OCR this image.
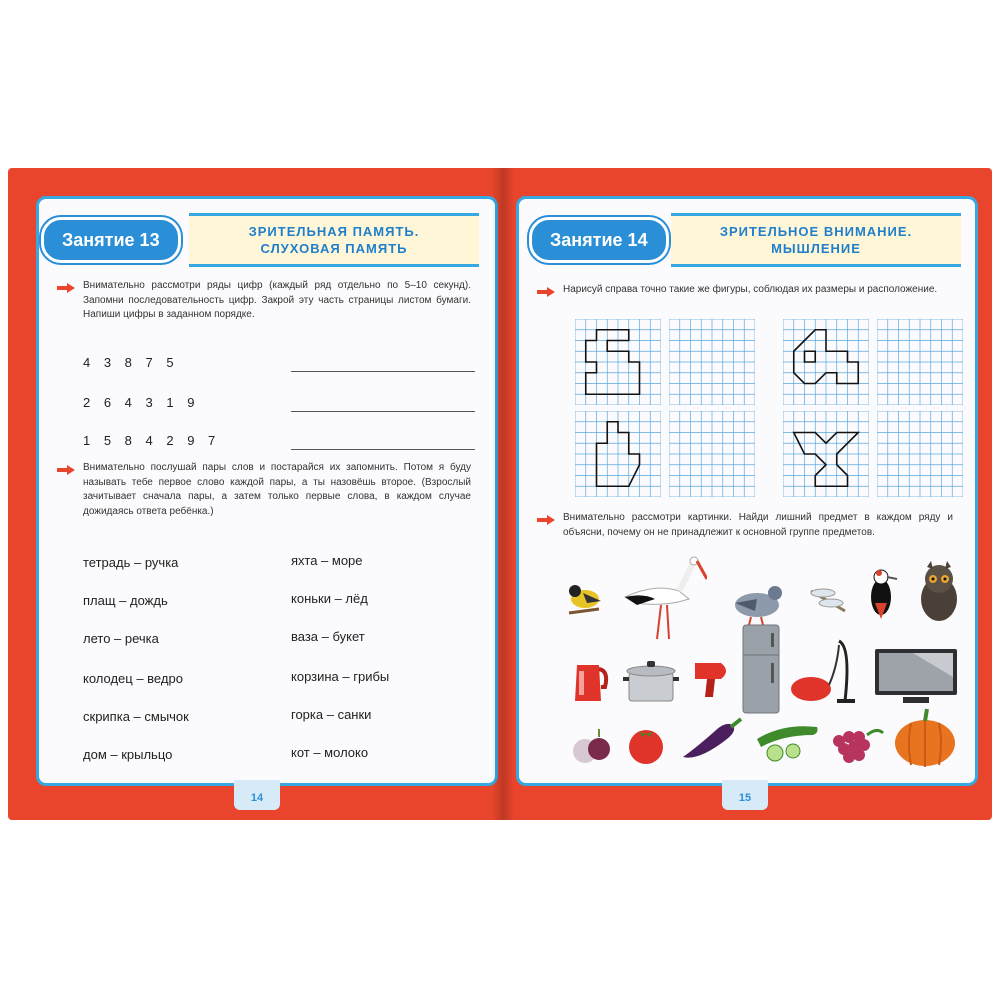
Занятие 13	ЗРИТЕЛЬНАЯ ПАМЯТЬ.
СЛУХОВАЯ ПАМЯТЬ
Внимательно рассмотри ряды цифр (каждый ряд отдельно по 5–10 секунд). Запомни последовательность цифр. Закрой эту часть страницы листом бумаги. Напиши цифры в заданном порядке.
4 3 8 7 5
2 6 4 3 1 9
1 5 8 4 2 9 7
Внимательно послушай пары слов и постарайся их запомнить. Потом я буду называть тебе первое слово каждой пары, а ты назовёшь второе. (Взрослый зачитывает сначала пары, а затем только первые слова, в каждом случае дожидаясь ответа ребёнка.)
тетрадь – ручка	яхта – море
плащ – дождь	коньки – лёд
лето – речка	ваза – букет
колодец – ведро	корзина – грибы
скрипка – смычок	горка – санки
дом – крыльцо	кот – молоко
Занятие 14	ЗРИТЕЛЬНОЕ ВНИМАНИЕ.
МЫШЛЕНИЕ
Нарисуй справа точно такие же фигуры, соблюдая их размеры и расположение.
Внимательно рассмотри картинки. Найди лишний предмет в каждом ряду и объясни, почему он не принадлежит к основной группе предметов.
14	15
